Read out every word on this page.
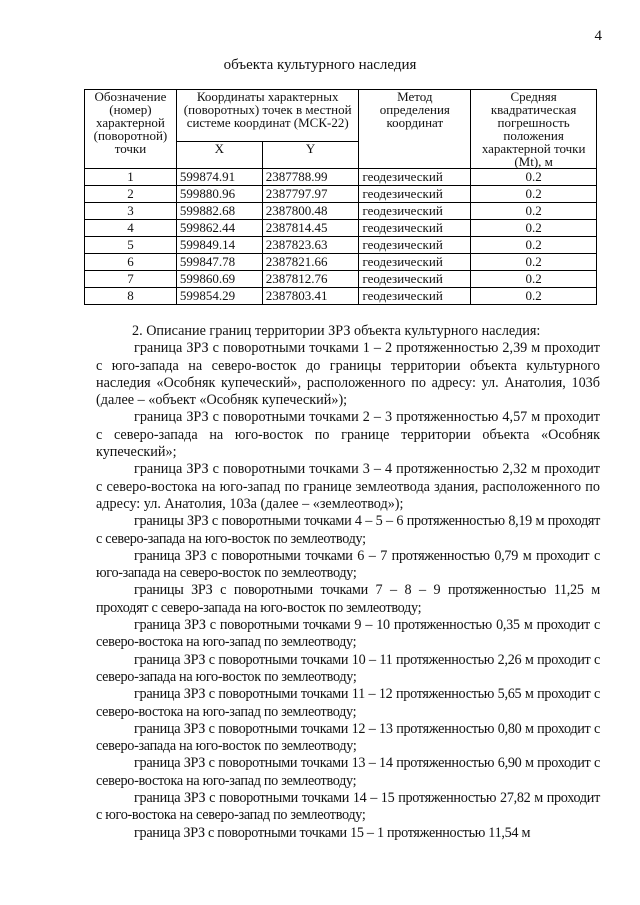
4
объекта культурного наследия
Обозначение (номер) характерной (поворотной) точки	Координаты характерных (поворотных) точек в местной системе координат (МСК-22)		Метод определения координат	Средняя квадратическая погрешность положения характерной точки (Mt), м
	X	Y		
1	599874.91	2387788.99	геодезический	0.2
2	599880.96	2387797.97	геодезический	0.2
3	599882.68	2387800.48	геодезический	0.2
4	599862.44	2387814.45	геодезический	0.2
5	599849.14	2387823.63	геодезический	0.2
6	599847.78	2387821.66	геодезический	0.2
7	599860.69	2387812.76	геодезический	0.2
8	599854.29	2387803.41	геодезический	0.2

2. Описание границ территории ЗРЗ объекта культурного наследия:

граница ЗРЗ с поворотными точками 1 – 2 протяженностью 2,39 м проходит с юго-запада на северо-восток до границы территории объекта культурного наследия «Особняк купеческий», расположенного по адресу: ул. Анатолия, 103б (далее – «объект «Особняк купеческий»);

граница ЗРЗ с поворотными точками 2 – 3 протяженностью 4,57 м проходит с северо-запада на юго-восток по границе территории объекта «Особняк купеческий»;

граница ЗРЗ с поворотными точками 3 – 4 протяженностью 2,32 м проходит с северо-востока на юго-запад по границе землеотвода здания, расположенного по адресу: ул. Анатолия, 103а (далее – «землеотвод»);

границы ЗРЗ с поворотными точками 4 – 5 – 6 протяженностью 8,19 м проходят с северо-запада на юго-восток по землеотводу;

граница ЗРЗ с поворотными точками 6 – 7 протяженностью 0,79 м проходит с юго-запада на северо-восток по землеотводу;

границы ЗРЗ с поворотными точками 7 – 8 – 9 протяженностью 11,25 м проходят с северо-запада на юго-восток по землеотводу;

граница ЗРЗ с поворотными точками 9 – 10 протяженностью 0,35 м проходит с северо-востока на юго-запад по землеотводу;

граница ЗРЗ с поворотными точками 10 – 11 протяженностью 2,26 м проходит с северо-запада на юго-восток по землеотводу;

граница ЗРЗ с поворотными точками 11 – 12 протяженностью 5,65 м проходит с северо-востока на юго-запад по землеотводу;

граница ЗРЗ с поворотными точками 12 – 13 протяженностью 0,80 м проходит с северо-запада на юго-восток по землеотводу;

граница ЗРЗ с поворотными точками 13 – 14 протяженностью 6,90 м проходит с северо-востока на юго-запад по землеотводу;

граница ЗРЗ с поворотными точками 14 – 15 протяженностью 27,82 м проходит с юго-востока на северо-запад по землеотводу;

граница ЗРЗ с поворотными точками 15 – 1 протяженностью 11,54 м
